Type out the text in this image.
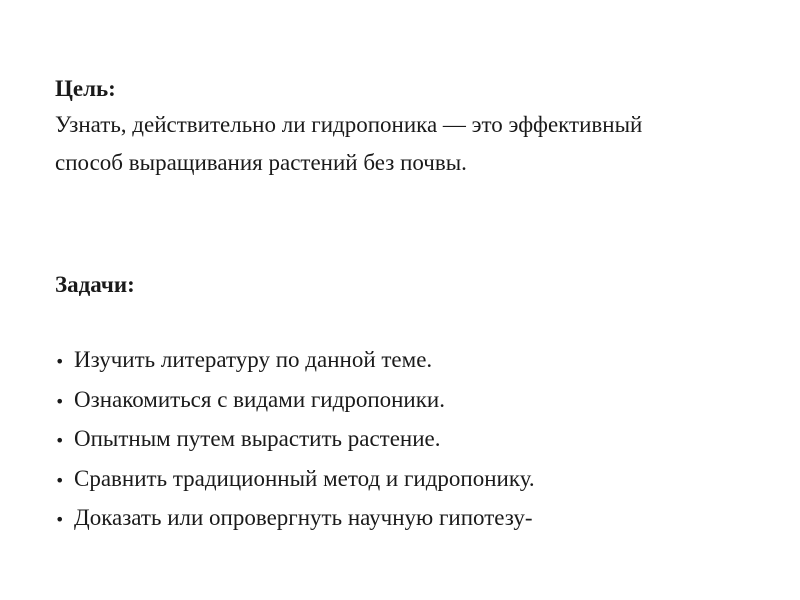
Цель:

Узнать, действительно ли гидропоника — это эффективный способ выращивания растений без почвы.

Задачи:

• Изучить литературу по данной теме.
• Ознакомиться с видами гидропоники.
• Опытным путем вырастить растение.
• Сравнить традиционный метод и гидропонику.
• Доказать или опровергнуть научную гипотезу-
